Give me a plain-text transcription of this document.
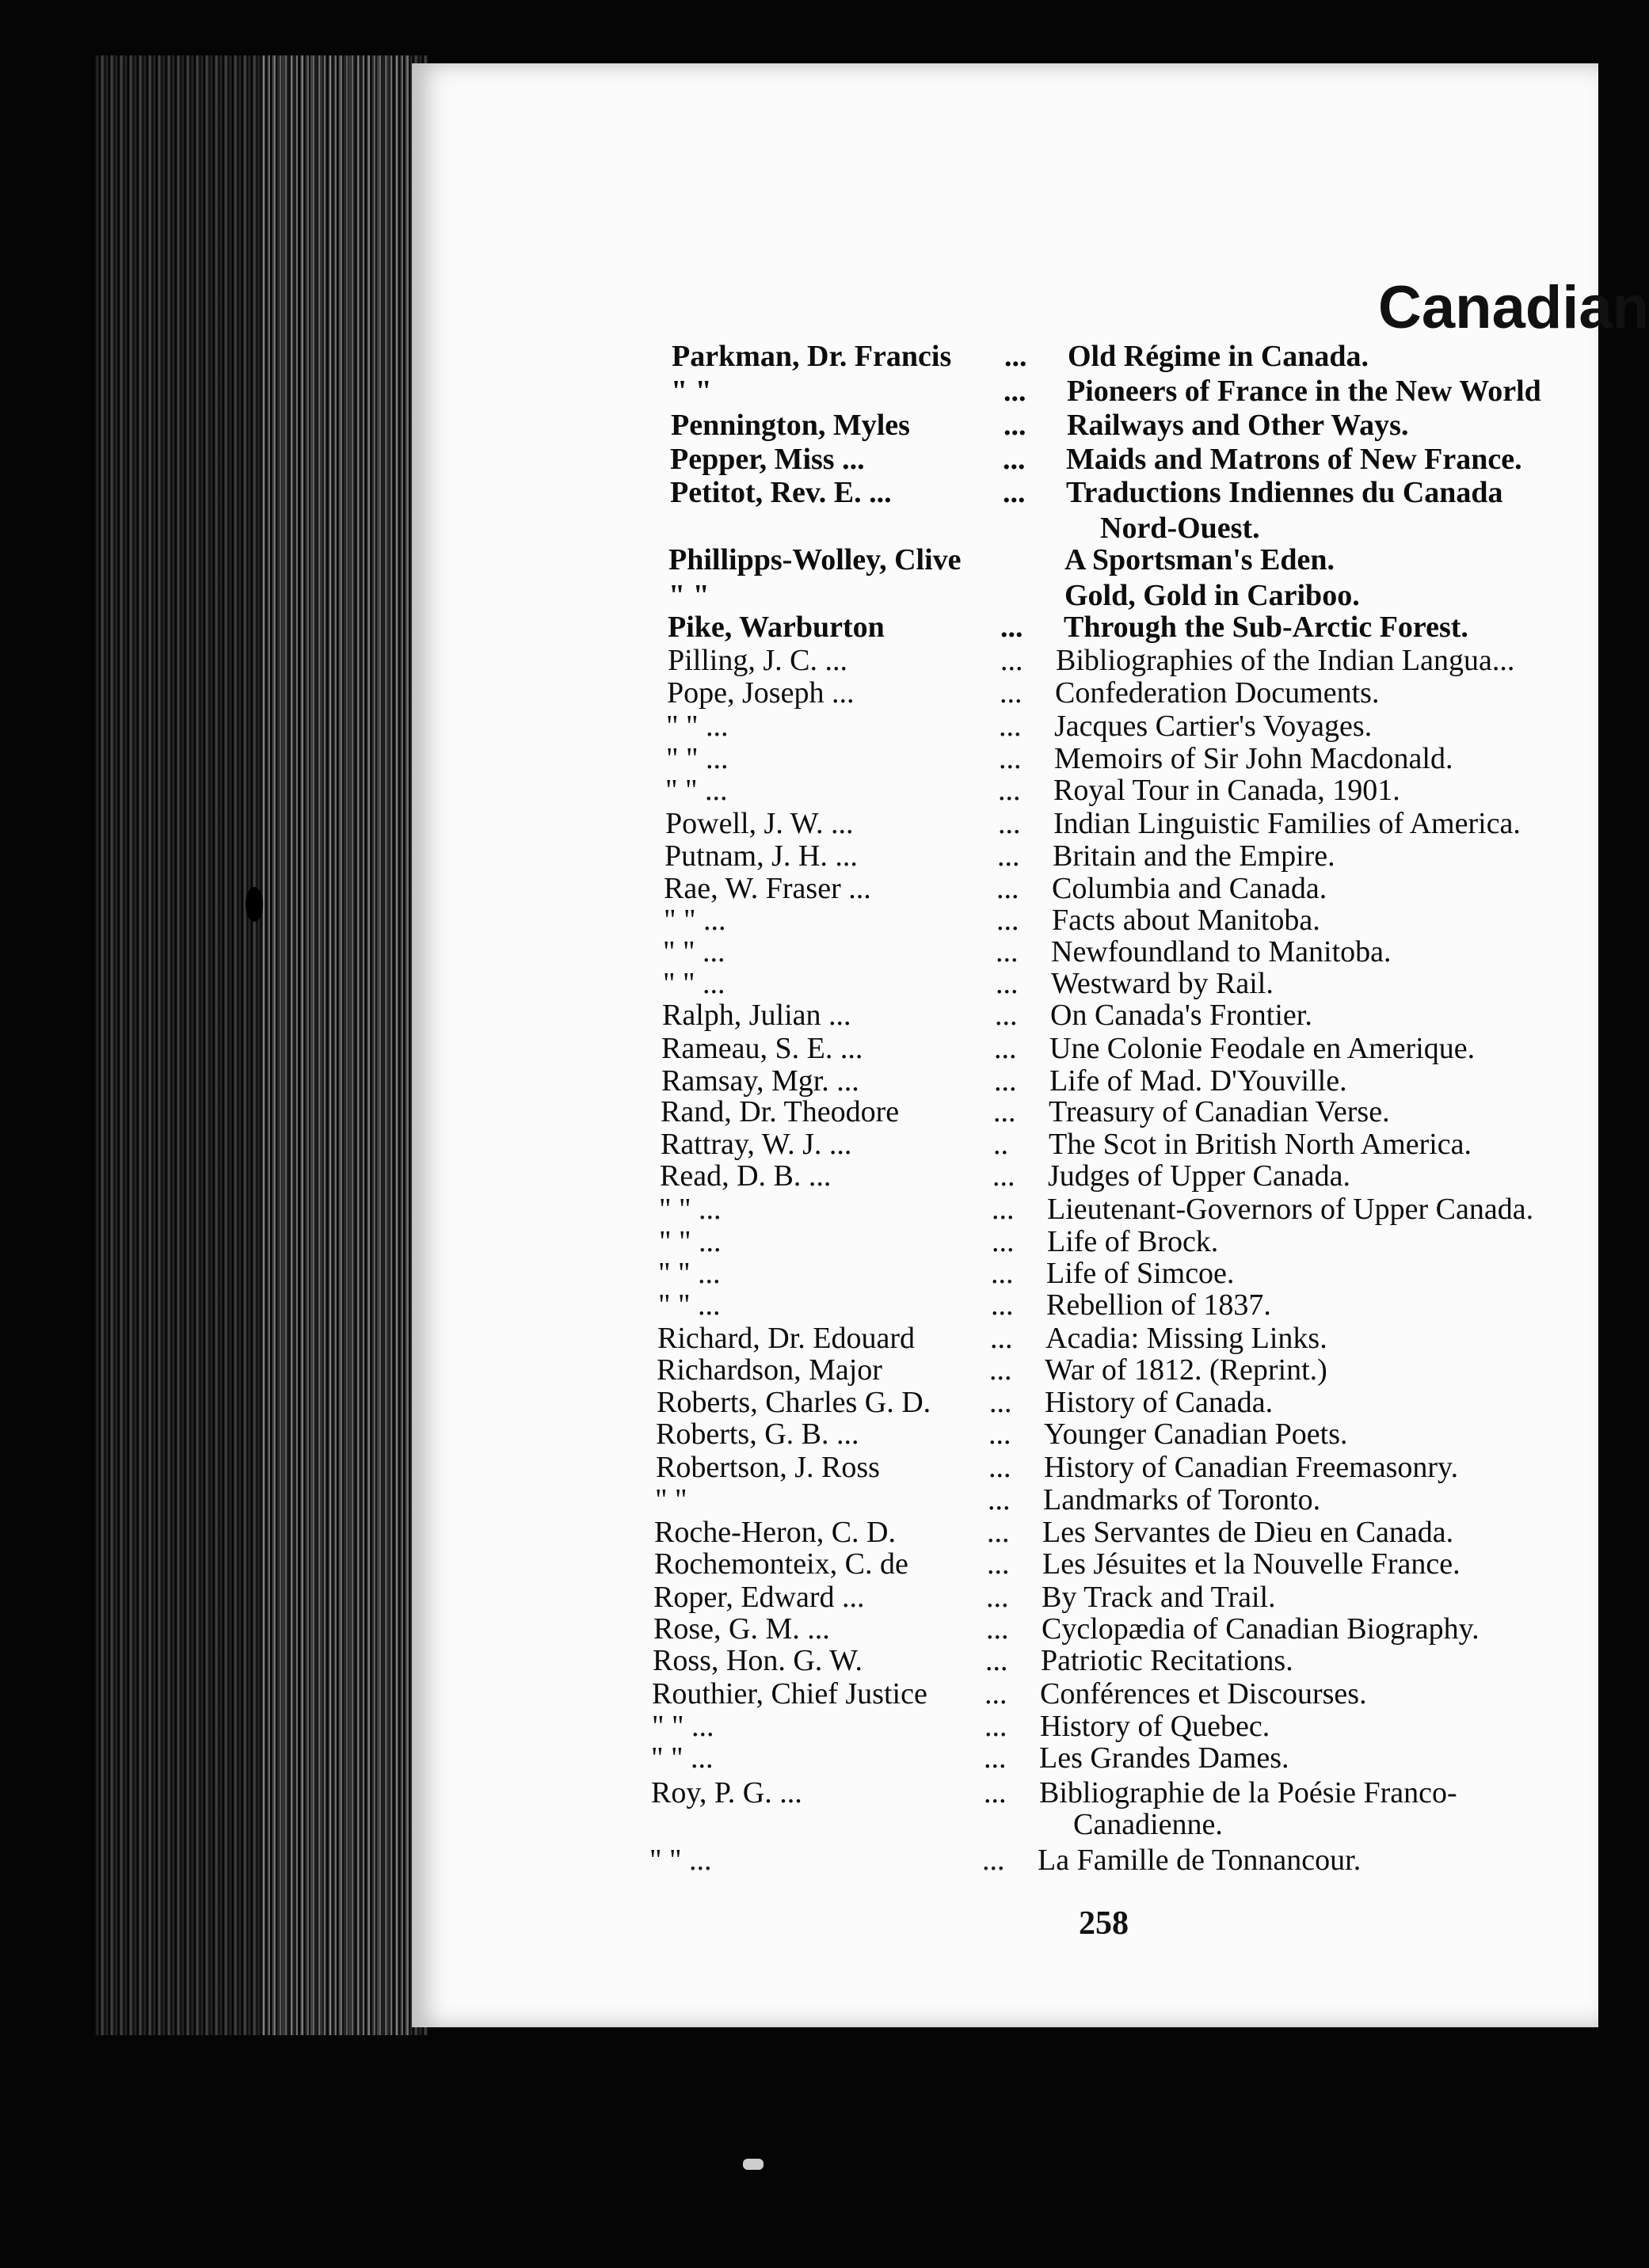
Canadian
Parkman, Dr. Francis ... Old Régime in Canada.
" "	... Pioneers of France in the New World
Pennington, Myles	... Railways and Other Ways.
Pepper, Miss ...	... Maids and Matrons of New France.
Petitot, Rev. E. ...	... Traductions Indiennes du Canada
Nord-Ouest.
Phillipps-Wolley, Clive	A Sportsman's Eden.
" "	Gold, Gold in Cariboo.
Pike, Warburton	... Through the Sub-Arctic Forest.
Pilling, J. C. ...	... Bibliographies of the Indian Langua...
Pope, Joseph ...	... Confederation Documents.
" " ...	... Jacques Cartier's Voyages.
" " ...	... Memoirs of Sir John Macdonald.
" " ...	... Royal Tour in Canada, 1901.
Powell, J. W. ...	... Indian Linguistic Families of America.
Putnam, J. H. ...	... Britain and the Empire.
Rae, W. Fraser ...	... Columbia and Canada.
" " ...	... Facts about Manitoba.
" " ...	... Newfoundland to Manitoba.
" " ...	... Westward by Rail.
Ralph, Julian ...	... On Canada's Frontier.
Rameau, S. E. ...	... Une Colonie Feodale en Amerique.
Ramsay, Mgr. ...	... Life of Mad. D'Youville.
Rand, Dr. Theodore	... Treasury of Canadian Verse.
Rattray, W. J. ...	.. The Scot in British North America.
Read, D. B. ...	... Judges of Upper Canada.
" " ...	... Lieutenant-Governors of Upper Canada.
" " ...	... Life of Brock.
" " ...	... Life of Simcoe.
" " ...	... Rebellion of 1837.
Richard, Dr. Edouard ... Acadia: Missing Links.
Richardson, Major	... War of 1812. (Reprint.)
Roberts, Charles G. D. ... History of Canada.
Roberts, G. B. ...	... Younger Canadian Poets.
Robertson, J. Ross	... History of Canadian Freemasonry.
" "	... Landmarks of Toronto.
Roche-Heron, C. D.	... Les Servantes de Dieu en Canada.
Rochemonteix, C. de	... Les Jésuites et la Nouvelle France.
Roper, Edward ...	... By Track and Trail.
Rose, G. M. ...	... Cyclopædia of Canadian Biography.
Ross, Hon. G. W.	... Patriotic Recitations.
Routhier, Chief Justice ... Conférences et Discourses.
" " ...	... History of Quebec.
" " ...	... Les Grandes Dames.
Roy, P. G. ...	... Bibliographie de la Poésie Franco-
Canadienne.
" " ...	... La Famille de Tonnancour.
258
